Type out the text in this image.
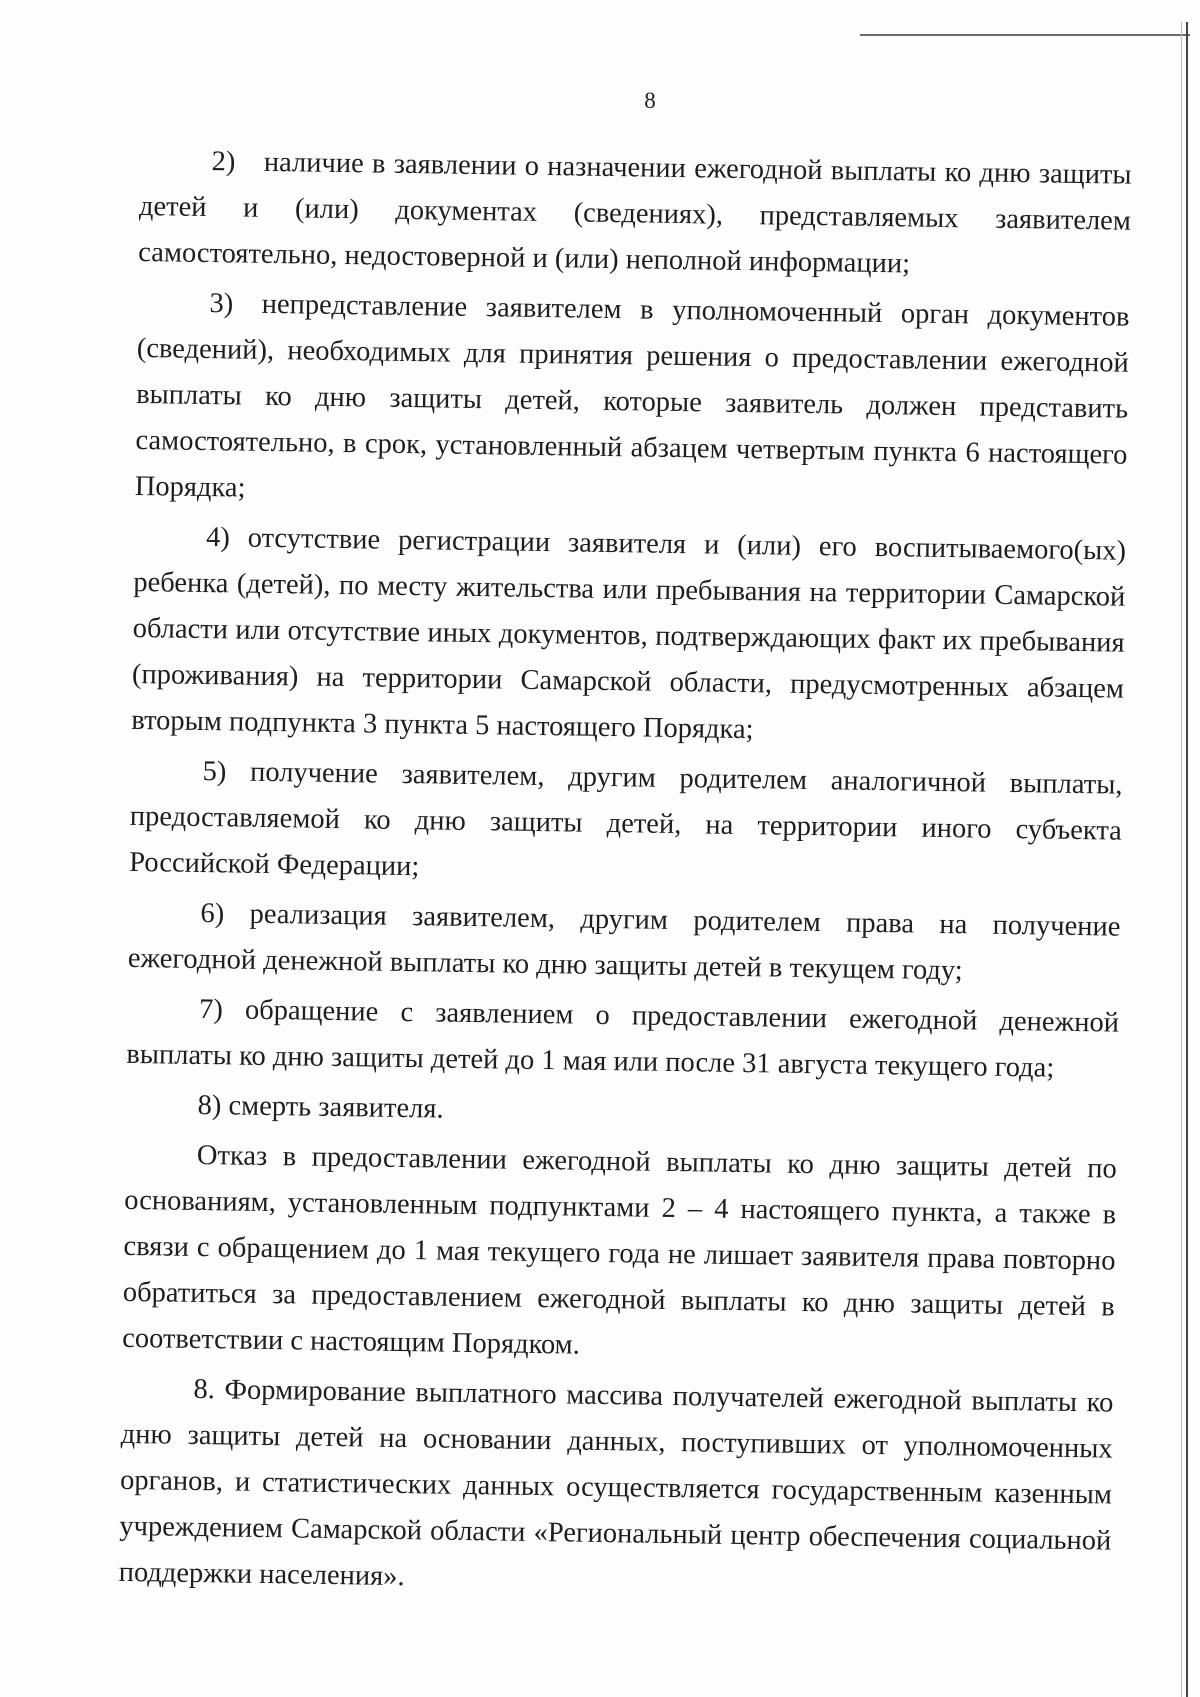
8

2) наличие в заявлении о назначении ежегодной выплаты ко дню защиты детей и (или) документах (сведениях), представляемых заявителем самостоятельно, недостоверной и (или) неполной информации;

3) непредставление заявителем в уполномоченный орган документов (сведений), необходимых для принятия решения о предоставлении ежегодной выплаты ко дню защиты детей, которые заявитель должен представить самостоятельно, в срок, установленный абзацем четвертым пункта 6 настоящего Порядка;

4) отсутствие регистрации заявителя и (или) его воспитываемого(ых) ребенка (детей), по месту жительства или пребывания на территории Самарской области или отсутствие иных документов, подтверждающих факт их пребывания (проживания) на территории Самарской области, предусмотренных абзацем вторым подпункта 3 пункта 5 настоящего Порядка;

5) получение заявителем, другим родителем аналогичной выплаты, предоставляемой ко дню защиты детей, на территории иного субъекта Российской Федерации;

6) реализация заявителем, другим родителем права на получение ежегодной денежной выплаты ко дню защиты детей в текущем году;

7) обращение с заявлением о предоставлении ежегодной денежной выплаты ко дню защиты детей до 1 мая или после 31 августа текущего года;

8) смерть заявителя.

Отказ в предоставлении ежегодной выплаты ко дню защиты детей по основаниям, установленным подпунктами 2 – 4 настоящего пункта, а также в связи с обращением до 1 мая текущего года не лишает заявителя права повторно обратиться за предоставлением ежегодной выплаты ко дню защиты детей в соответствии с настоящим Порядком.

8. Формирование выплатного массива получателей ежегодной выплаты ко дню защиты детей на основании данных, поступивших от уполномоченных органов, и статистических данных осуществляется государственным казенным учреждением Самарской области «Региональный центр обеспечения социальной поддержки населения».
